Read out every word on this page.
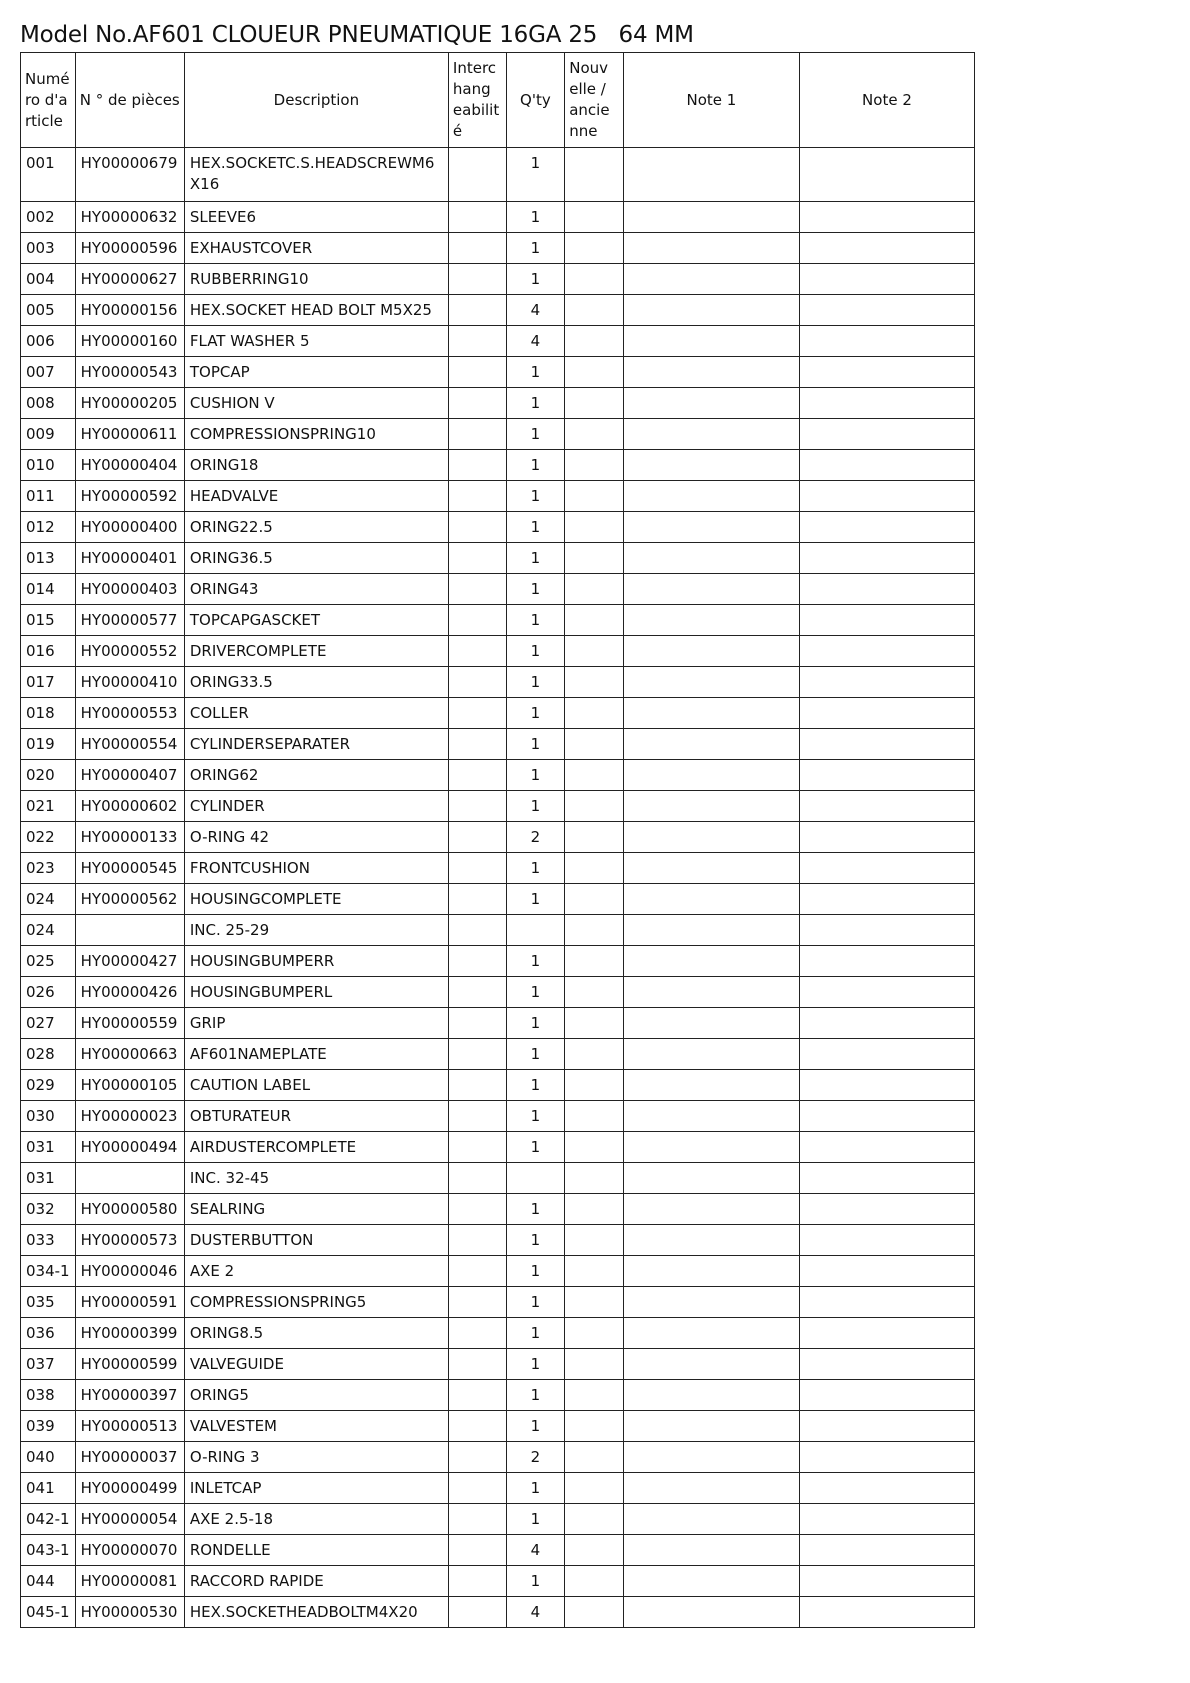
Model No.AF601 CLOUEUR PNEUMATIQUE 16GA 25   64 MM
Numé ro d'a rticle	N ° de pièces	Description	Interc hang eabilit é	Q'ty	Nouv elle / ancie nne	Note 1	Note 2
001	HY00000679	HEX.SOCKETC.S.HEADSCREWM6X16		1			
002	HY00000632	SLEEVE6		1			
003	HY00000596	EXHAUSTCOVER		1			
004	HY00000627	RUBBERRING10		1			
005	HY00000156	HEX.SOCKET HEAD BOLT M5X25		4			
006	HY00000160	FLAT WASHER 5		4			
007	HY00000543	TOPCAP		1			
008	HY00000205	CUSHION V		1			
009	HY00000611	COMPRESSIONSPRING10		1			
010	HY00000404	ORING18		1			
011	HY00000592	HEADVALVE		1			
012	HY00000400	ORING22.5		1			
013	HY00000401	ORING36.5		1			
014	HY00000403	ORING43		1			
015	HY00000577	TOPCAPGASCKET		1			
016	HY00000552	DRIVERCOMPLETE		1			
017	HY00000410	ORING33.5		1			
018	HY00000553	COLLER		1			
019	HY00000554	CYLINDERSEPARATER		1			
020	HY00000407	ORING62		1			
021	HY00000602	CYLINDER		1			
022	HY00000133	O-RING 42		2			
023	HY00000545	FRONTCUSHION		1			
024	HY00000562	HOUSINGCOMPLETE		1			
024		INC. 25-29					
025	HY00000427	HOUSINGBUMPERR		1			
026	HY00000426	HOUSINGBUMPERL		1			
027	HY00000559	GRIP		1			
028	HY00000663	AF601NAMEPLATE		1			
029	HY00000105	CAUTION LABEL		1			
030	HY00000023	OBTURATEUR		1			
031	HY00000494	AIRDUSTERCOMPLETE		1			
031		INC. 32-45					
032	HY00000580	SEALRING		1			
033	HY00000573	DUSTERBUTTON		1			
034-1	HY00000046	AXE 2		1			
035	HY00000591	COMPRESSIONSPRING5		1			
036	HY00000399	ORING8.5		1			
037	HY00000599	VALVEGUIDE		1			
038	HY00000397	ORING5		1			
039	HY00000513	VALVESTEM		1			
040	HY00000037	O-RING 3		2			
041	HY00000499	INLETCAP		1			
042-1	HY00000054	AXE 2.5-18		1			
043-1	HY00000070	RONDELLE		4			
044	HY00000081	RACCORD RAPIDE		1			
045-1	HY00000530	HEX.SOCKETHEADBOLTM4X20		4			
